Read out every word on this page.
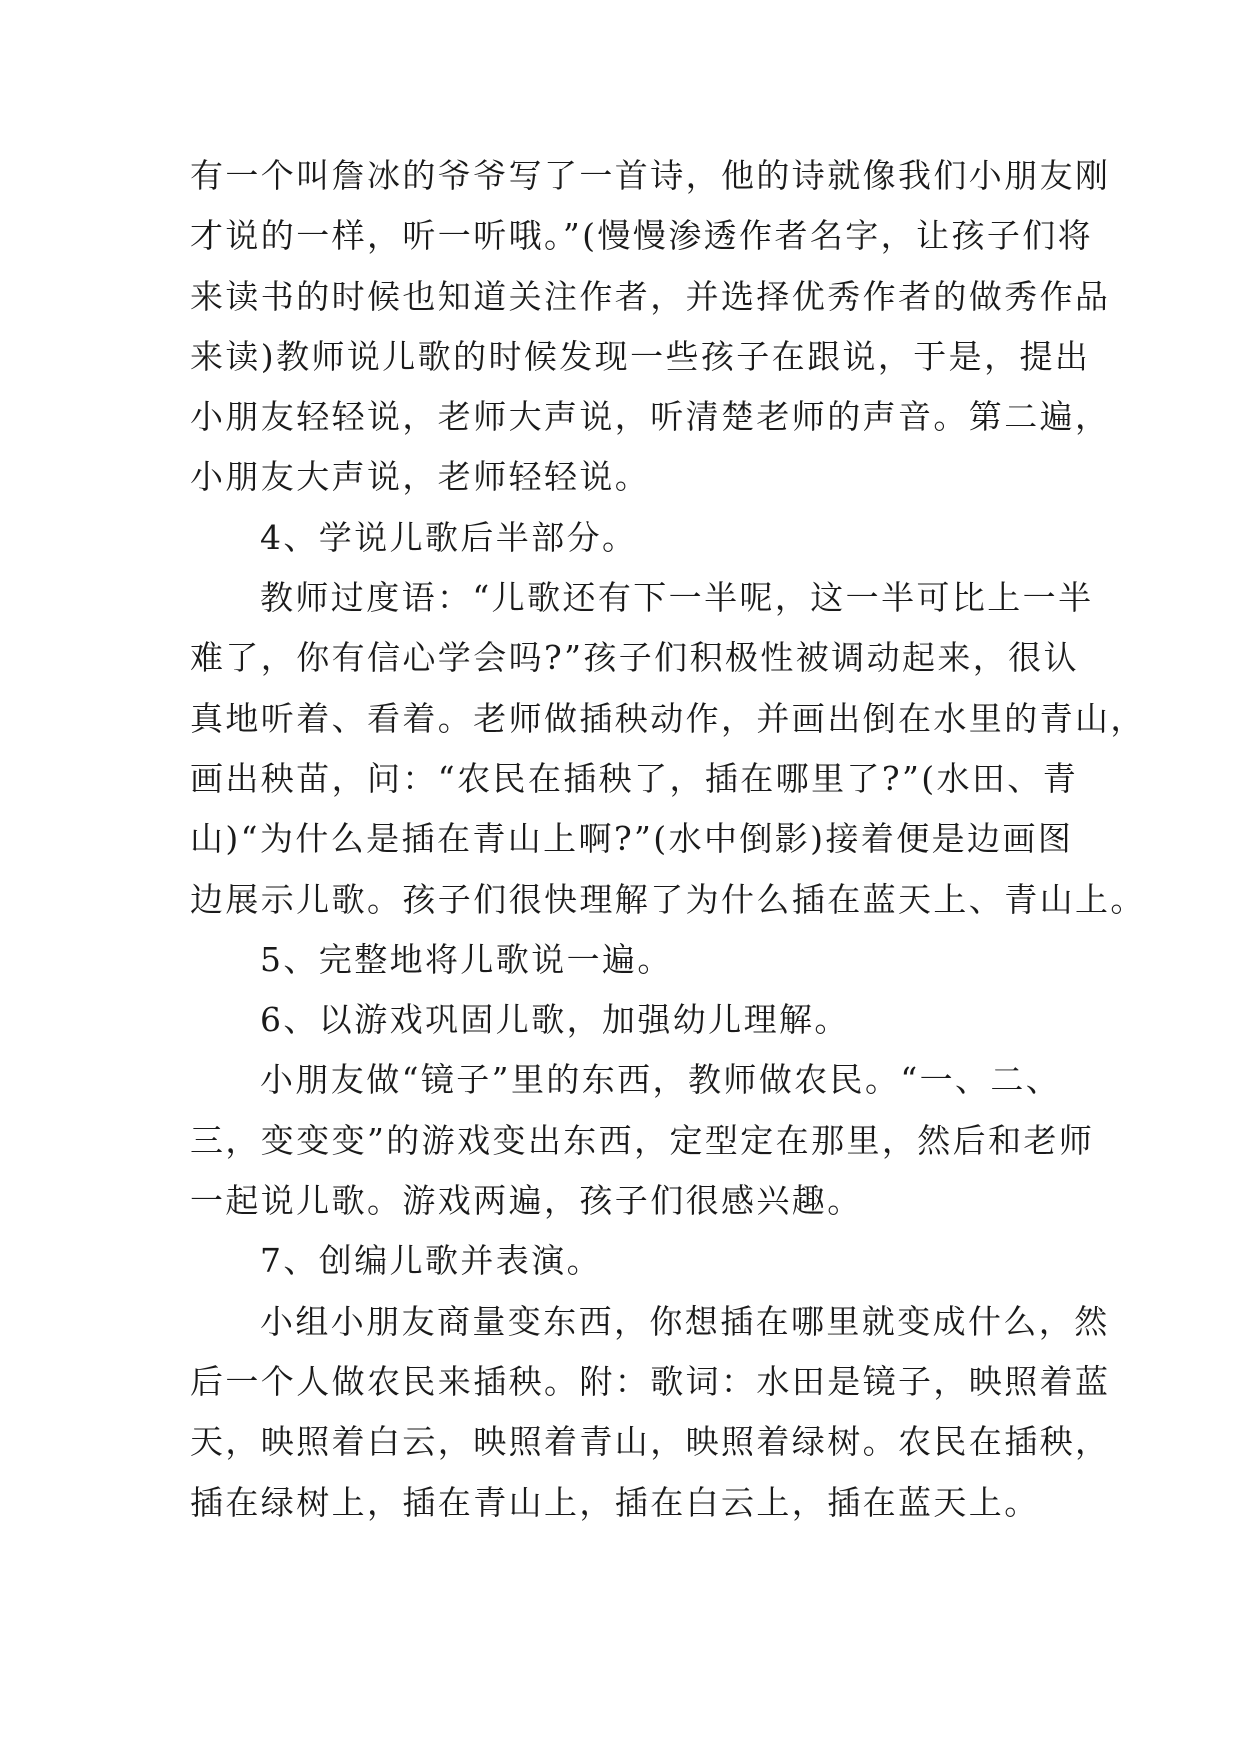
有一个叫詹冰的爷爷写了一首诗，他的诗就像我们小朋友刚
才说的一样，听一听哦。”(慢慢渗透作者名字，让孩子们将
来读书的时候也知道关注作者，并选择优秀作者的做秀作品
来读)教师说儿歌的时候发现一些孩子在跟说，于是，提出
小朋友轻轻说，老师大声说，听清楚老师的声音。第二遍，
小朋友大声说，老师轻轻说。
4、学说儿歌后半部分。
教师过度语：“儿歌还有下一半呢，这一半可比上一半
难了，你有信心学会吗?”孩子们积极性被调动起来，很认
真地听着、看着。老师做插秧动作，并画出倒在水里的青山，
画出秧苗，问：“农民在插秧了，插在哪里了?”(水田、青
山)“为什么是插在青山上啊?”(水中倒影)接着便是边画图
边展示儿歌。孩子们很快理解了为什么插在蓝天上、青山上。
5、完整地将儿歌说一遍。
6、以游戏巩固儿歌，加强幼儿理解。
小朋友做“镜子”里的东西，教师做农民。“一、二、
三，变变变”的游戏变出东西，定型定在那里，然后和老师
一起说儿歌。游戏两遍，孩子们很感兴趣。
7、创编儿歌并表演。
小组小朋友商量变东西，你想插在哪里就变成什么，然
后一个人做农民来插秧。附：歌词：水田是镜子，映照着蓝
天，映照着白云，映照着青山，映照着绿树。农民在插秧，
插在绿树上，插在青山上，插在白云上，插在蓝天上。
